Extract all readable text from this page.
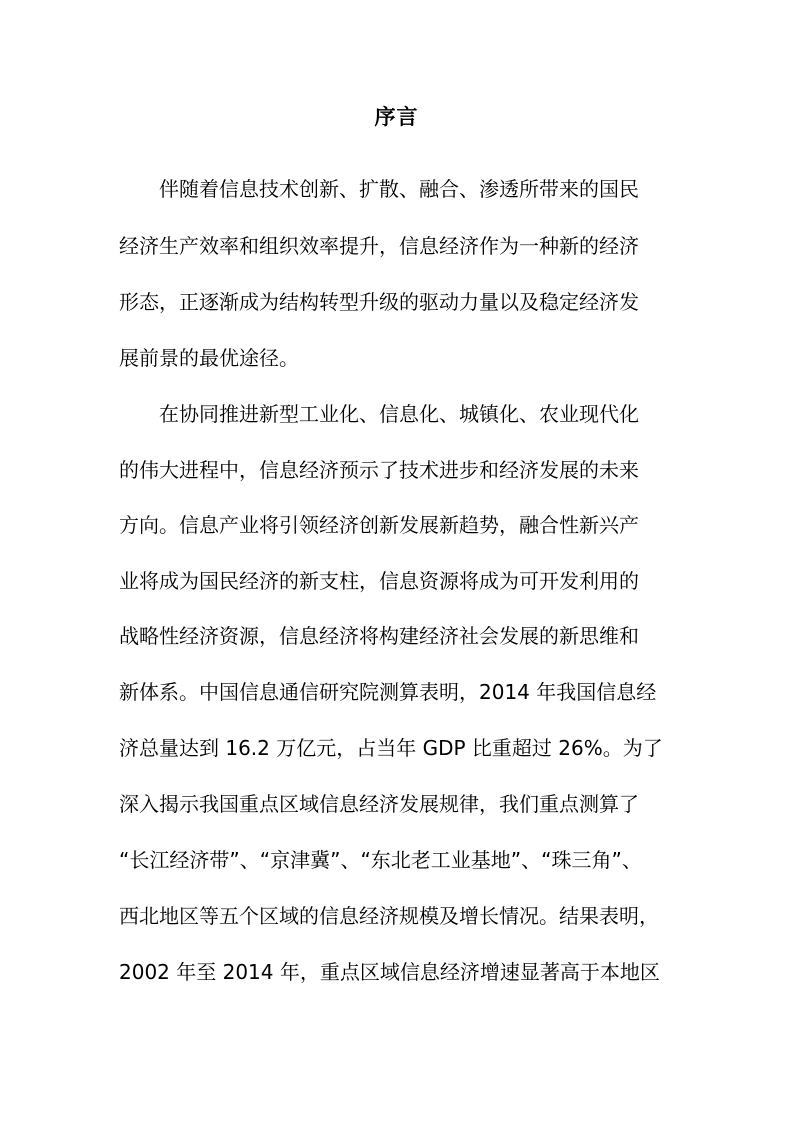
序言
伴随着信息技术创新、扩散、融合、渗透所带来的国民
经济生产效率和组织效率提升，信息经济作为一种新的经济
形态，正逐渐成为结构转型升级的驱动力量以及稳定经济发
展前景的最优途径。
在协同推进新型工业化、信息化、城镇化、农业现代化
的伟大进程中，信息经济预示了技术进步和经济发展的未来
方向。信息产业将引领经济创新发展新趋势，融合性新兴产
业将成为国民经济的新支柱，信息资源将成为可开发利用的
战略性经济资源，信息经济将构建经济社会发展的新思维和
新体系。中国信息通信研究院测算表明，2014 年我国信息经
济总量达到 16.2 万亿元，占当年 GDP 比重超过 26%。为了
深入揭示我国重点区域信息经济发展规律，我们重点测算了
“长江经济带”、“京津冀”、“东北老工业基地”、“珠三角”、
西北地区等五个区域的信息经济规模及增长情况。结果表明，
2002 年至 2014 年，重点区域信息经济增速显著高于本地区
